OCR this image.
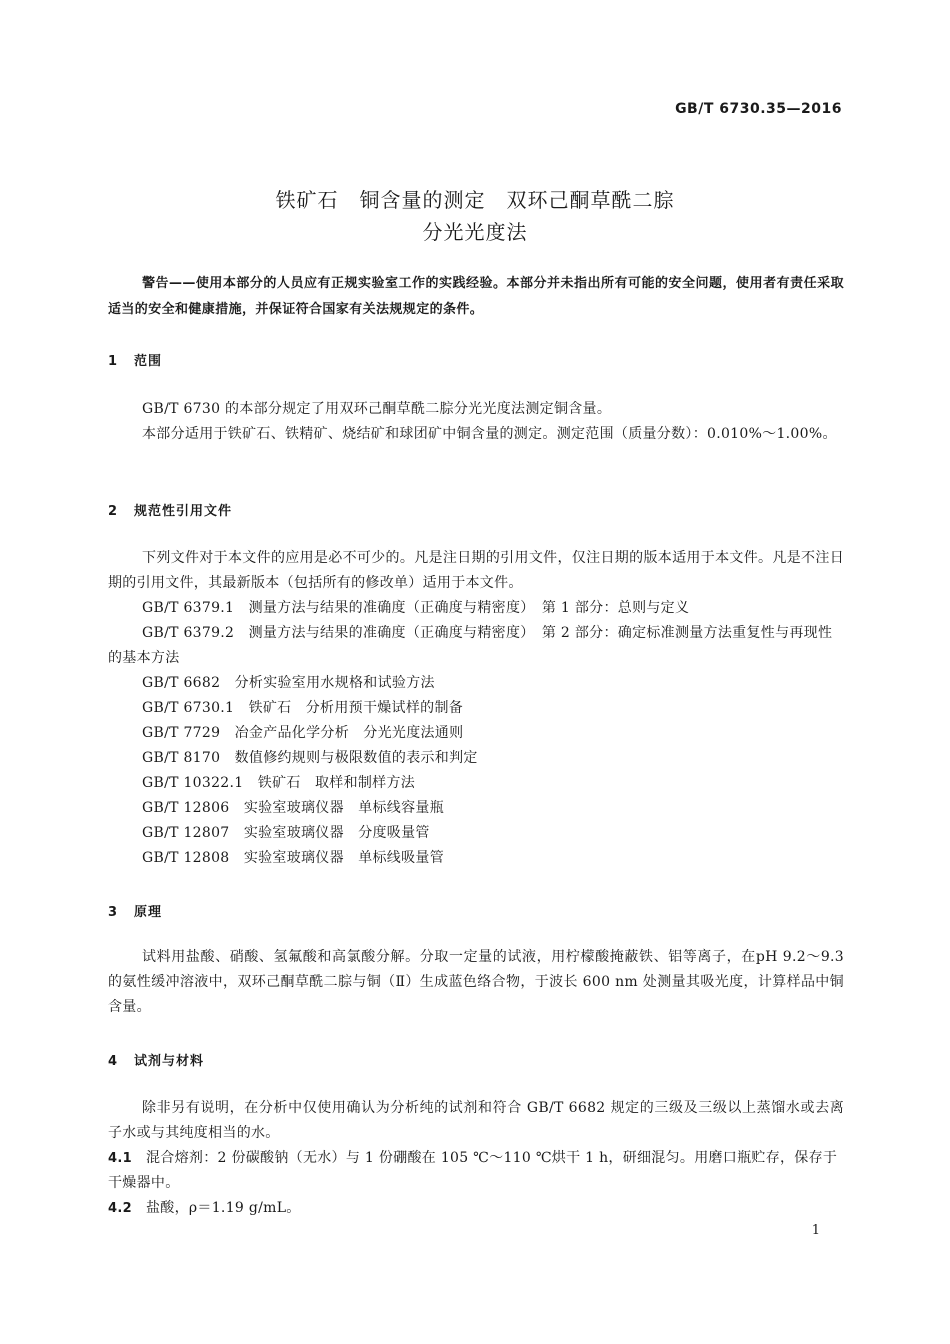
GB/T 6730.35—2016
铁矿石　铜含量的测定　双环己酮草酰二腙
分光光度法
警告——使用本部分的人员应有正规实验室工作的实践经验。本部分并未指出所有可能的安全问题，使用者有责任采取适当的安全和健康措施，并保证符合国家有关法规规定的条件。
1 范围
GB/T 6730 的本部分规定了用双环己酮草酰二腙分光光度法测定铜含量。
本部分适用于铁矿石、铁精矿、烧结矿和球团矿中铜含量的测定。测定范围（质量分数）：0.010%～1.00%。
2 规范性引用文件
下列文件对于本文件的应用是必不可少的。凡是注日期的引用文件，仅注日期的版本适用于本文件。凡是不注日期的引用文件，其最新版本（包括所有的修改单）适用于本文件。
GB/T 6379.1　测量方法与结果的准确度（正确度与精密度）　第 1 部分：总则与定义
GB/T 6379.2　测量方法与结果的准确度（正确度与精密度）　第 2 部分：确定标准测量方法重复性与再现性的基本方法
GB/T 6682　分析实验室用水规格和试验方法
GB/T 6730.1　铁矿石　分析用预干燥试样的制备
GB/T 7729　冶金产品化学分析　分光光度法通则
GB/T 8170　数值修约规则与极限数值的表示和判定
GB/T 10322.1　铁矿石　取样和制样方法
GB/T 12806　实验室玻璃仪器　单标线容量瓶
GB/T 12807　实验室玻璃仪器　分度吸量管
GB/T 12808　实验室玻璃仪器　单标线吸量管
3 原理
试料用盐酸、硝酸、氢氟酸和高氯酸分解。分取一定量的试液，用柠檬酸掩蔽铁、铝等离子，在pH 9.2～9.3 的氨性缓冲溶液中，双环己酮草酰二腙与铜（Ⅱ）生成蓝色络合物，于波长 600 nm 处测量其吸光度，计算样品中铜含量。
4 试剂与材料
除非另有说明，在分析中仅使用确认为分析纯的试剂和符合 GB/T 6682 规定的三级及三级以上蒸馏水或去离子水或与其纯度相当的水。
4.1 混合熔剂：2 份碳酸钠（无水）与 1 份硼酸在 105 ℃～110 ℃烘干 1 h，研细混匀。用磨口瓶贮存，保存于干燥器中。
4.2 盐酸，ρ＝1.19 g/mL。
1
